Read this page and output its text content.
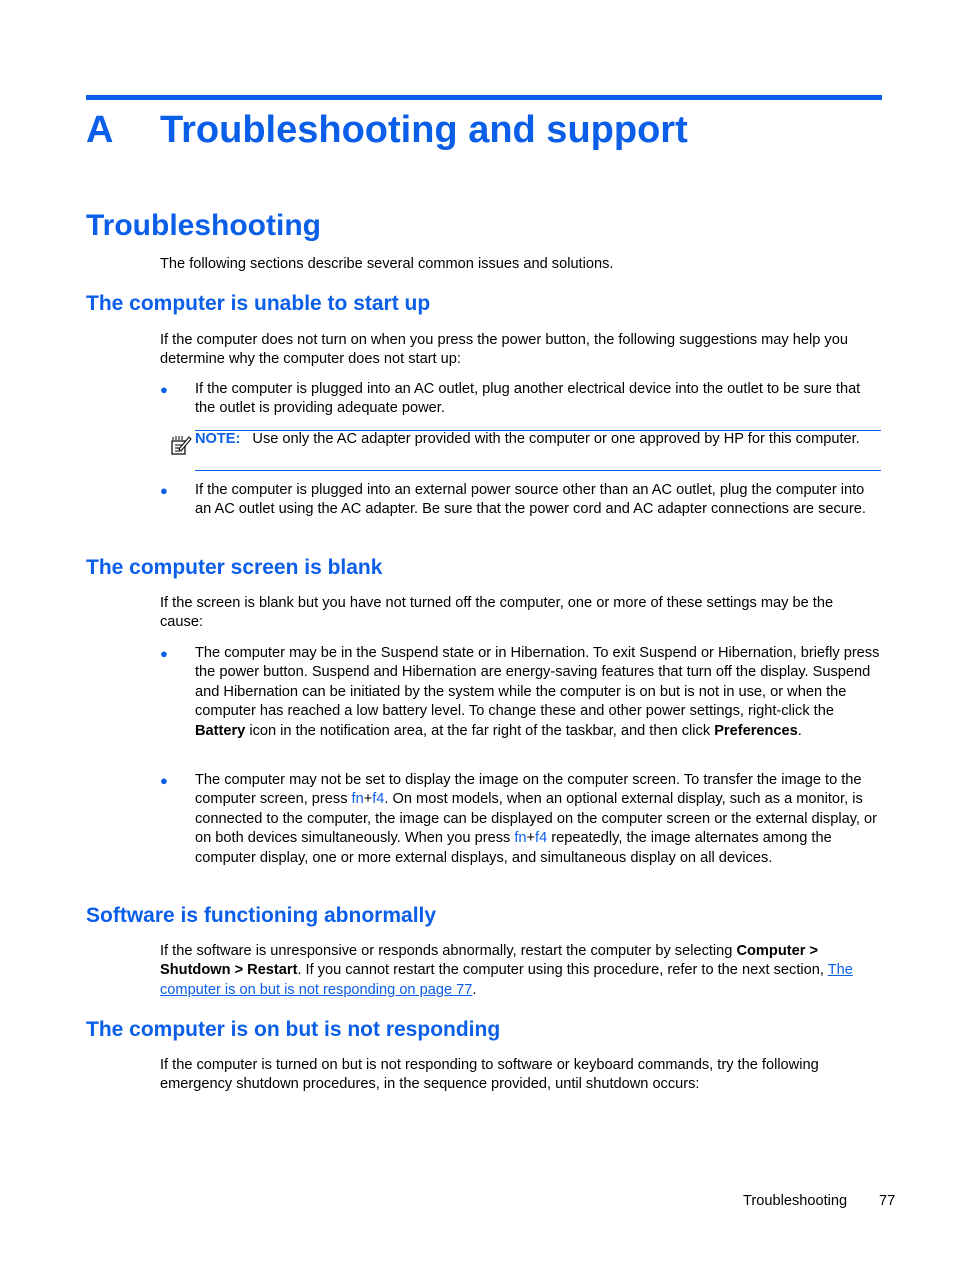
A Troubleshooting and support
Troubleshooting

The following sections describe several common issues and solutions.

The computer is unable to start up

If the computer does not turn on when you press the power button, the following suggestions may help you determine why the computer does not start up:

● If the computer is plugged into an AC outlet, plug another electrical device into the outlet to be sure that the outlet is providing adequate power.
NOTE: Use only the AC adapter provided with the computer or one approved by HP for this computer.
● If the computer is plugged into an external power source other than an AC outlet, plug the computer into an AC outlet using the AC adapter. Be sure that the power cord and AC adapter connections are secure.
The computer screen is blank

If the screen is blank but you have not turned off the computer, one or more of these settings may be the cause:

● The computer may be in the Suspend state or in Hibernation. To exit Suspend or Hibernation, briefly press the power button. Suspend and Hibernation are energy-saving features that turn off the display. Suspend and Hibernation can be initiated by the system while the computer is on but is not in use, or when the computer has reached a low battery level. To change these and other power settings, right-click the Battery icon in the notification area, at the far right of the taskbar, and then click Preferences.
● The computer may not be set to display the image on the computer screen. To transfer the image to the computer screen, press fn+f4. On most models, when an optional external display, such as a monitor, is connected to the computer, the image can be displayed on the computer screen or the external display, or on both devices simultaneously. When you press fn+f4 repeatedly, the image alternates among the computer display, one or more external displays, and simultaneous display on all devices.
Software is functioning abnormally

If the software is unresponsive or responds abnormally, restart the computer by selecting Computer > Shutdown > Restart. If you cannot restart the computer using this procedure, refer to the next section, The computer is on but is not responding on page 77.

The computer is on but is not responding

If the computer is turned on but is not responding to software or keyboard commands, try the following emergency shutdown procedures, in the sequence provided, until shutdown occurs:

Troubleshooting 77
